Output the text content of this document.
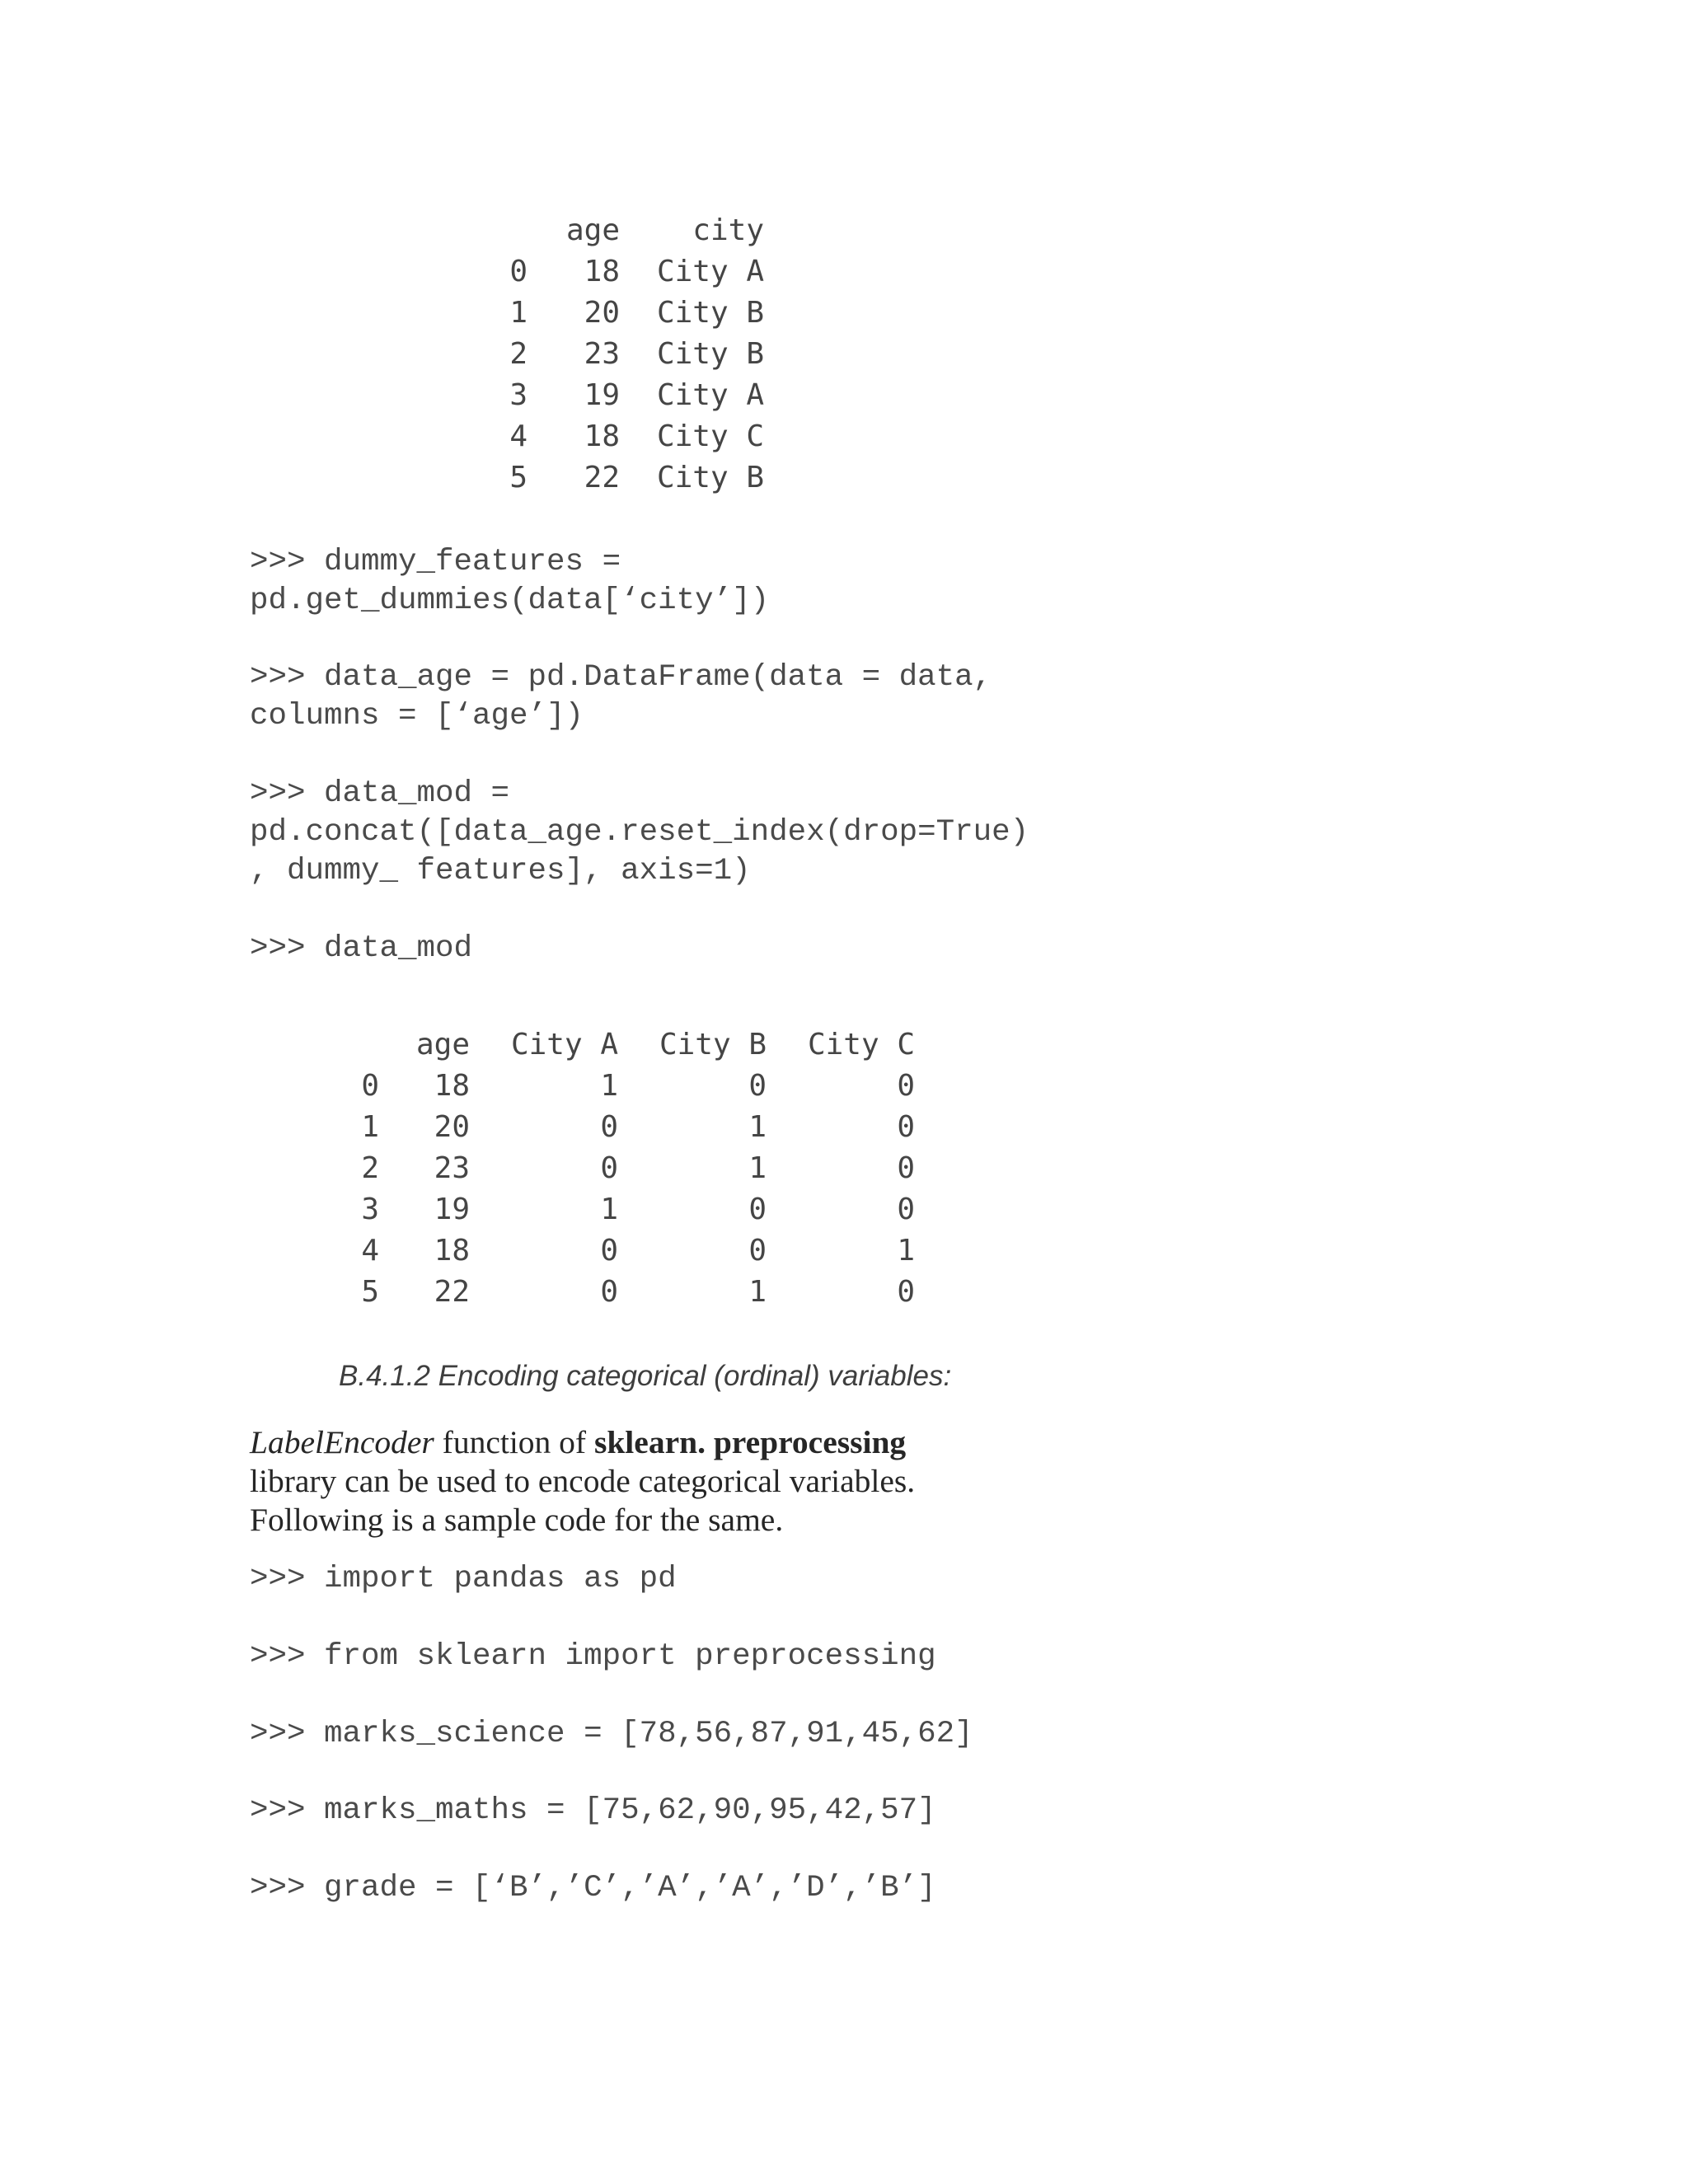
	age	city
0	18	City A
1	20	City B
2	23	City B
3	19	City A
4	18	City C
5	22	City B

>>> dummy_features =

pd.get_dummies(data[‘city’])

>>> data_age = pd.DataFrame(data = data,

columns = [‘age’])

>>> data_mod =

pd.concat([data_age.reset_index(drop=True)

, dummy_ features], axis=1)

>>> data_mod

	age	City A	City B	City C
0	18	1	0	0
1	20	0	1	0
2	23	0	1	0
3	19	1	0	0
4	18	0	0	1
5	22	0	1	0

B.4.1.2 Encoding categorical (ordinal) variables:

LabelEncoder function of sklearn. preprocessing
library can be used to encode categorical variables.
Following is a sample code for the same.

>>> import pandas as pd

>>> from sklearn import preprocessing

>>> marks_science = [78,56,87,91,45,62]

>>> marks_maths = [75,62,90,95,42,57]

>>> grade = [‘B’,’C’,’A’,’A’,’D’,’B’]
